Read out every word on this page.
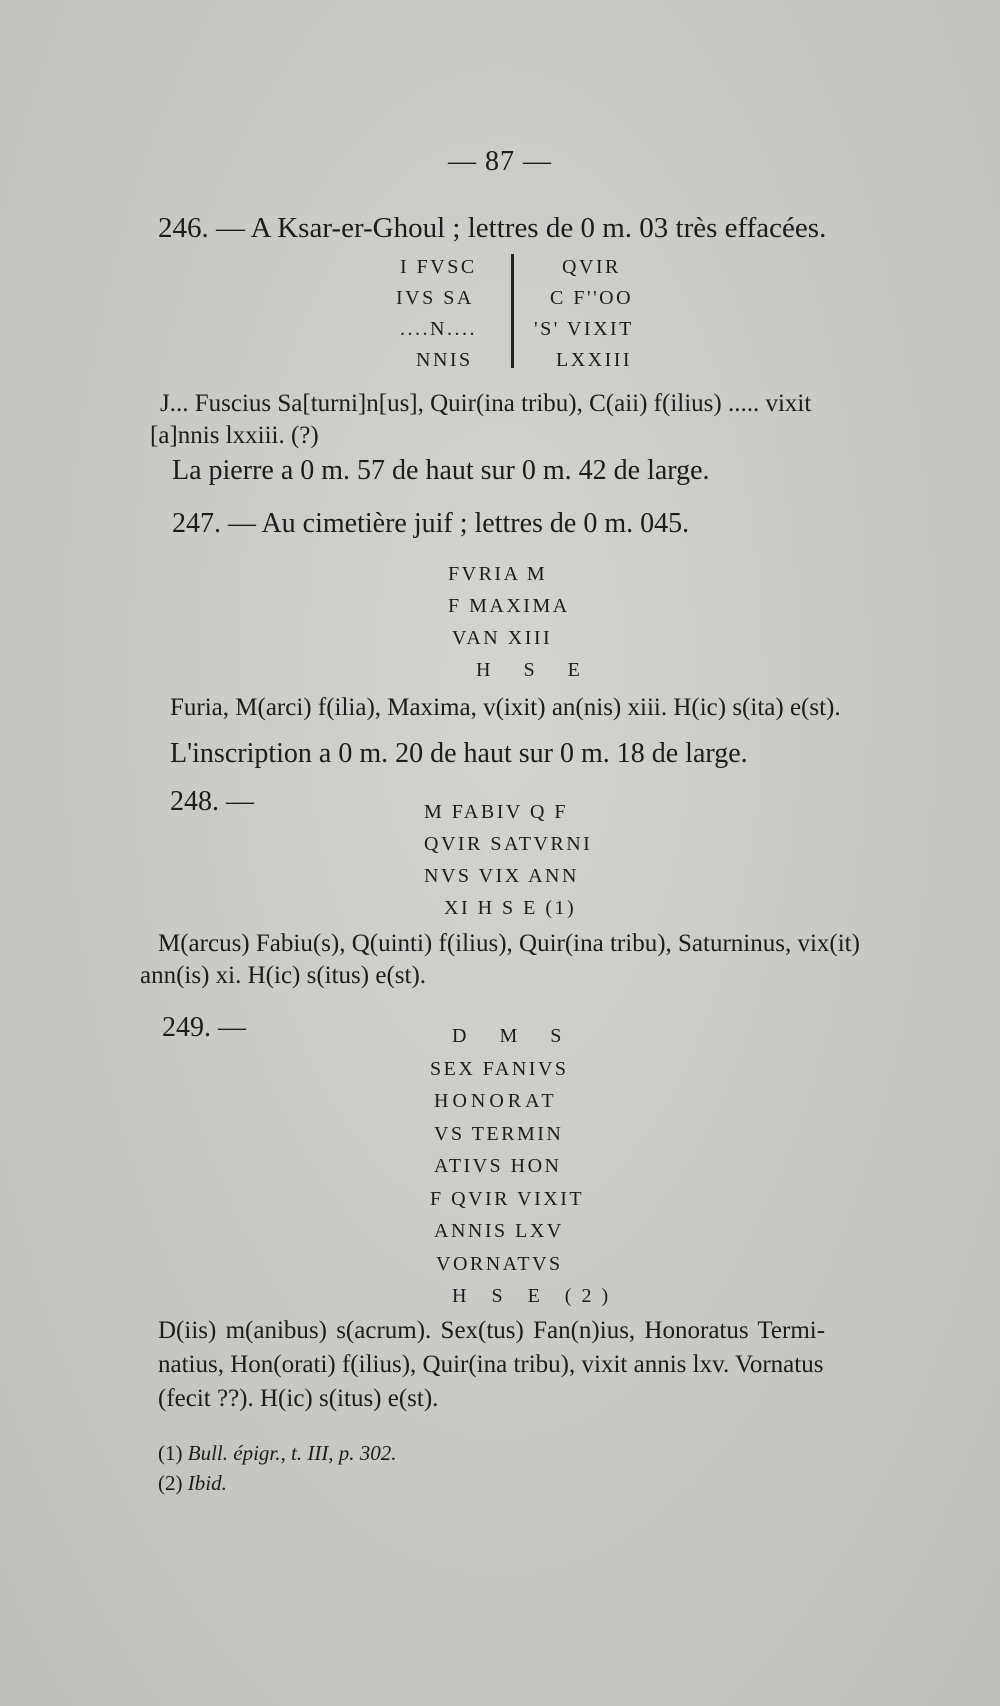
— 87 —
246. — A Ksar-er-Ghoul ; lettres de 0 m. 03 très effacées.
I FVSC
IVS SA
....N....
NNIS
QVIR
C F''OO
'S' VIXIT
LXXIII
J... Fuscius Sa[turni]n[us], Quir(ina tribu), C(aii) f(ilius) ..... vixit
[a]nnis lxxiii. (?)
La pierre a 0 m. 57 de haut sur 0 m. 42 de large.
247. — Au cimetière juif ; lettres de 0 m. 045.
FVRIA M
F MAXIMA
VAN XIII
H S E
Furia, M(arci) f(ilia), Maxima, v(ixit) an(nis) xiii. H(ic) s(ita) e(st).
L'inscription a 0 m. 20 de haut sur 0 m. 18 de large.
248. —	M FABIV Q F
QVIR SATVRNI
NVS VIX ANN
XI H S E (1)
M(arcus) Fabiu(s), Q(uinti) f(ilius), Quir(ina tribu), Saturninus, vix(it)
ann(is) xi. H(ic) s(itus) e(st).
249. —	D M S
SEX FANIVS
HONORAT
VS TERMIN
ATIVS HON
F QVIR VIXIT
ANNIS LXV
VORNATVS
H S E (2)
D(iis) m(anibus) s(acrum). Sex(tus) Fan(n)ius, Honoratus Termi-
natius, Hon(orati) f(ilius), Quir(ina tribu), vixit annis lxv. Vornatus
(fecit ??). H(ic) s(itus) e(st).
(1) Bull. épigr., t. III, p. 302.
(2) Ibid.
